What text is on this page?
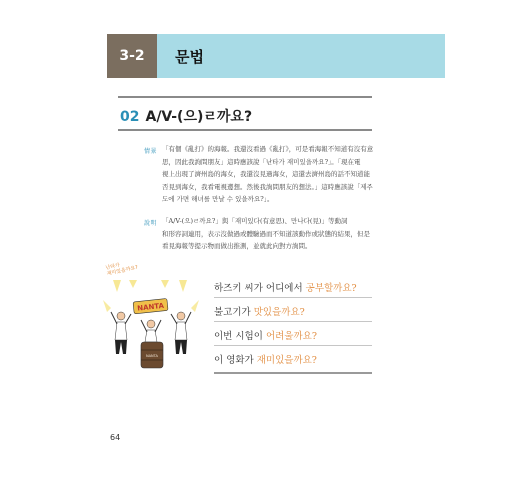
3-2 문법
02 A/V-(으)ㄹ까요?
情景 「有個《亂打》的海報。我還沒看過《亂打》，可是看海報不知道有沒有意
思，因此我詢問朋友」這時應該說「난타가 재미있을까요?」。「現在電
視上出現了濟州島的海女，我還沒見過海女，這還去濟州島的話不知道能
否見到海女，我看電視邊想。然後我詢問朋友的想法。」這時應該說「제주
도에 가면 해녀를 만날 수 있을까요?」。
說明 「A/V-(으)ㄹ까요?」與「재미있다(有意思)、만나다(見)」等動詞
和形容詞連用，表示沒做過或體驗過而不知道該動作或狀態的結果，但是
看見海報等提示物而做出推測，並就此向對方詢問。
난타가
재미있을까요?
NANTA
NANTA
하즈키 씨가 어디에서 공부할까요?
불고기가 맛있을까요?
이번 시험이 어려울까요?
이 영화가 재미있을까요?
64
